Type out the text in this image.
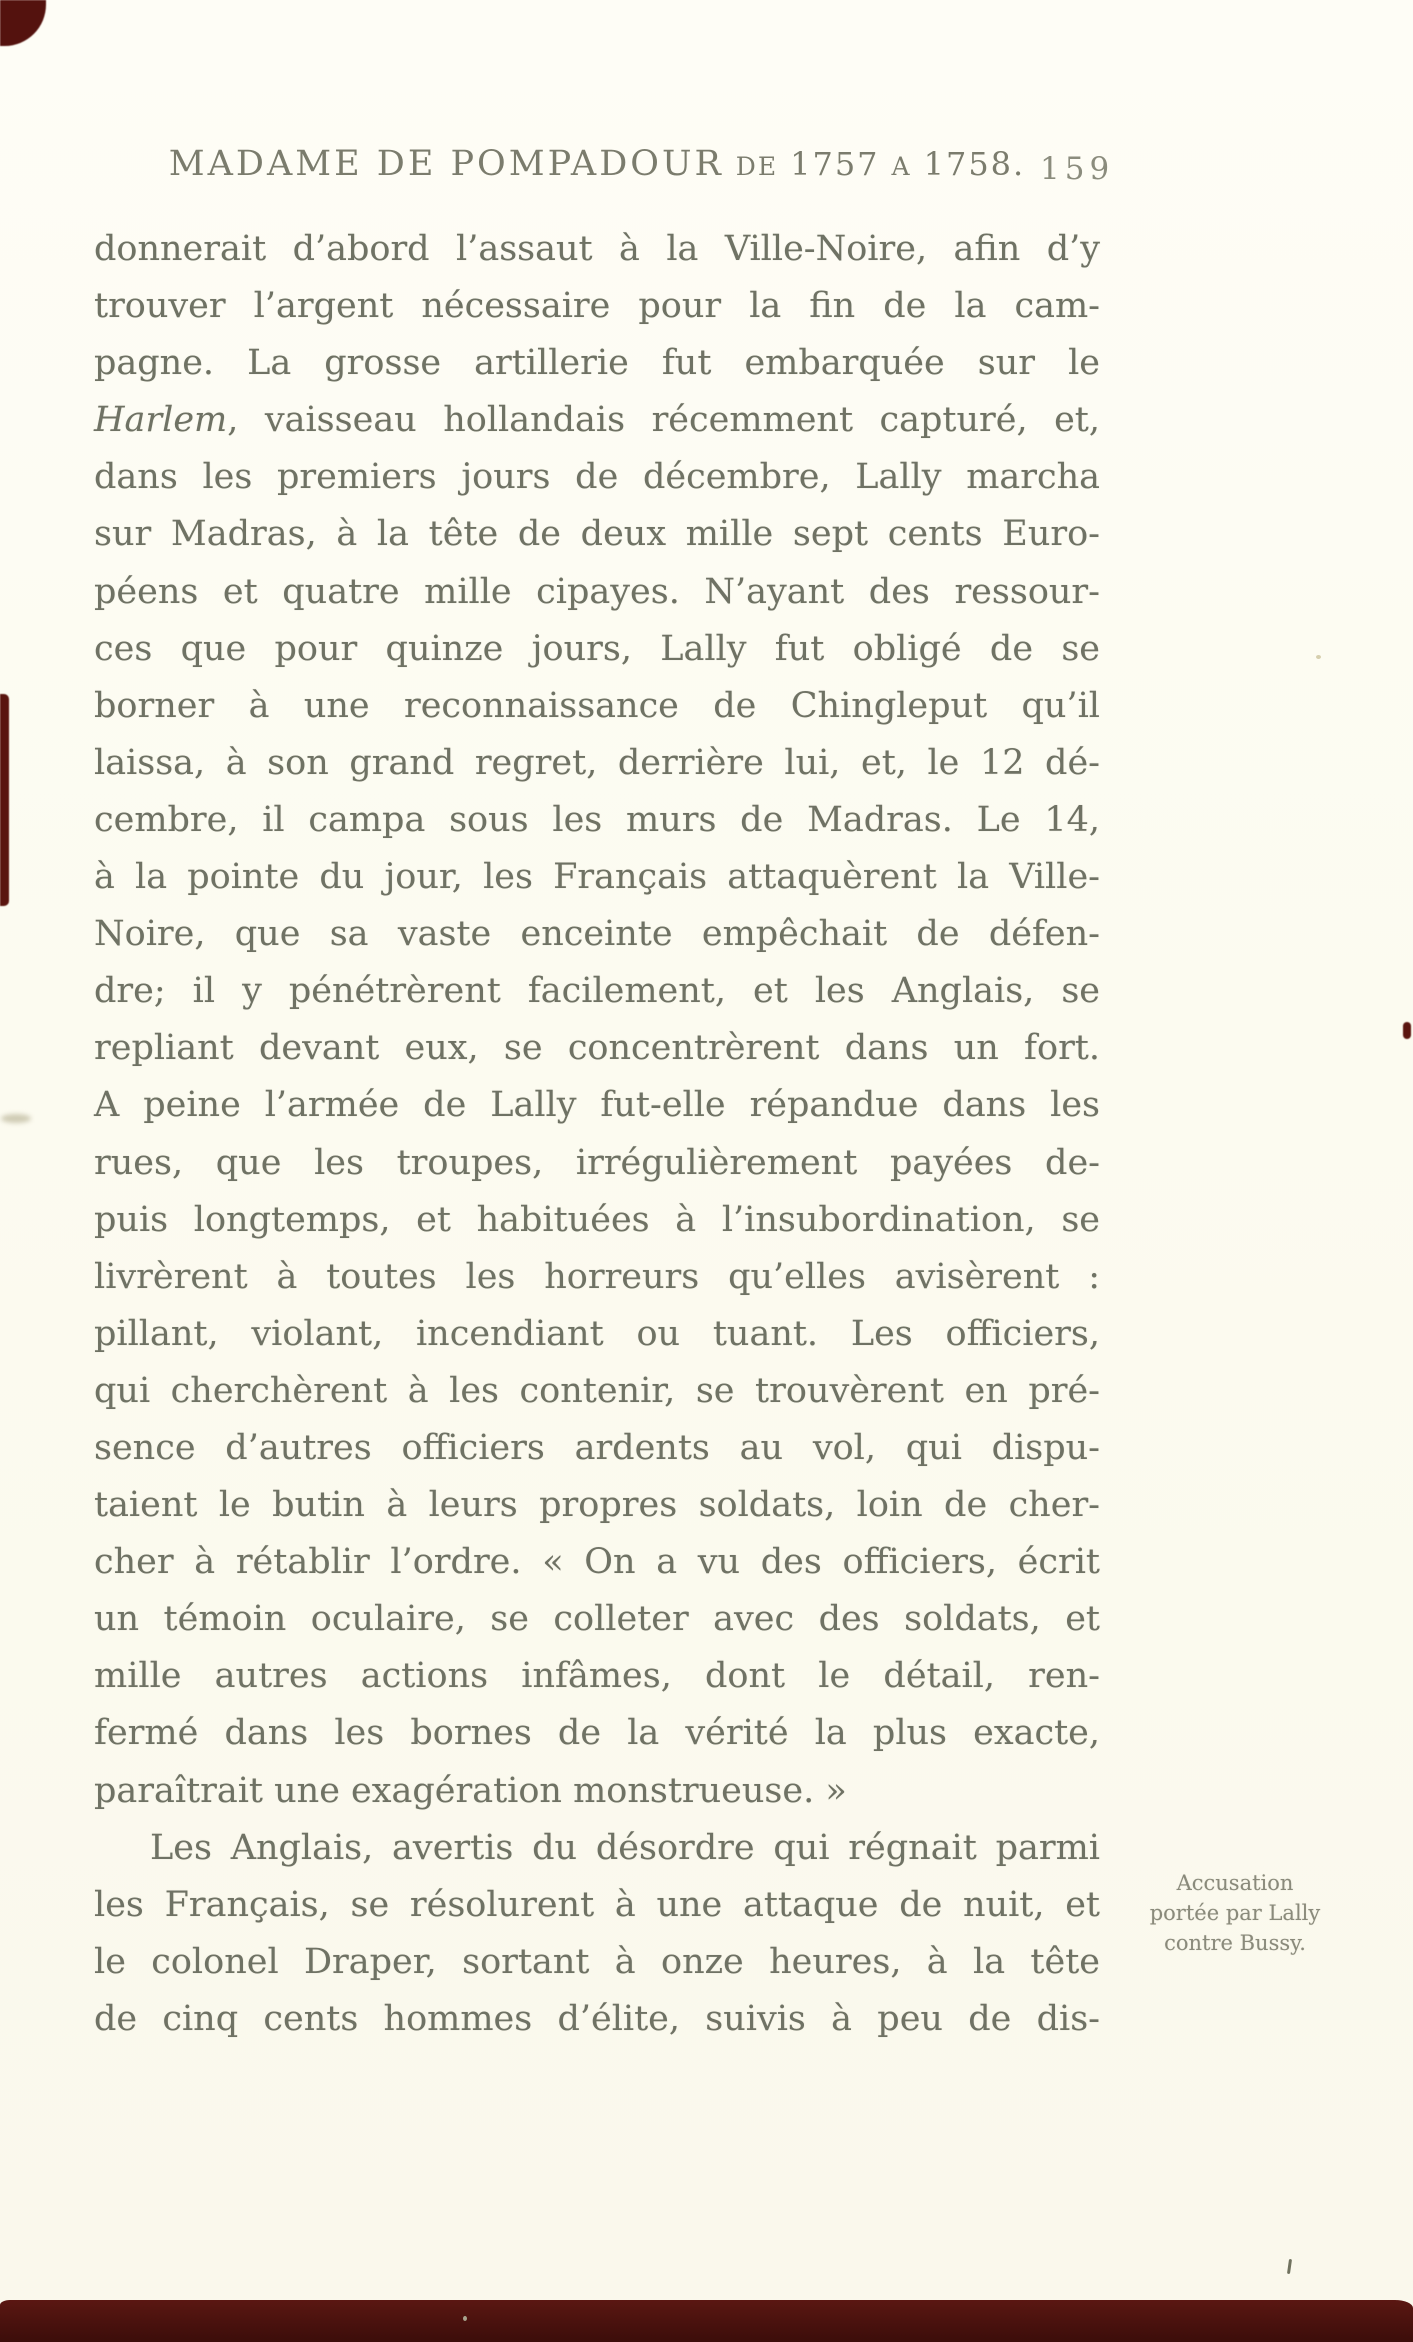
MADAME DE POMPADOUR DE 1757 A 1758. 159
donnerait d’abord l’assaut à la Ville-Noire, afin d’y
trouver l’argent nécessaire pour la fin de la cam-
pagne. La grosse artillerie fut embarquée sur le
Harlem, vaisseau hollandais récemment capturé, et,
dans les premiers jours de décembre, Lally marcha
sur Madras, à la tête de deux mille sept cents Euro-
péens et quatre mille cipayes. N’ayant des ressour-
ces que pour quinze jours, Lally fut obligé de se
borner à une reconnaissance de Chingleput qu’il
laissa, à son grand regret, derrière lui, et, le 12 dé-
cembre, il campa sous les murs de Madras. Le 14,
à la pointe du jour, les Français attaquèrent la Ville-
Noire, que sa vaste enceinte empêchait de défen-
dre; il y pénétrèrent facilement, et les Anglais, se
repliant devant eux, se concentrèrent dans un fort.
A peine l’armée de Lally fut-elle répandue dans les
rues, que les troupes, irrégulièrement payées de-
puis longtemps, et habituées à l’insubordination, se
livrèrent à toutes les horreurs qu’elles avisèrent :
pillant, violant, incendiant ou tuant. Les officiers,
qui cherchèrent à les contenir, se trouvèrent en pré-
sence d’autres officiers ardents au vol, qui dispu-
taient le butin à leurs propres soldats, loin de cher-
cher à rétablir l’ordre. « On a vu des officiers, écrit
un témoin oculaire, se colleter avec des soldats, et
mille autres actions infâmes, dont le détail, ren-
fermé dans les bornes de la vérité la plus exacte,
paraîtrait une exagération monstrueuse. »
Les Anglais, avertis du désordre qui régnait parmi
les Français, se résolurent à une attaque de nuit, et
le colonel Draper, sortant à onze heures, à la tête
de cinq cents hommes d’élite, suivis à peu de dis-
Accusation
portée par Lally
contre Bussy.
